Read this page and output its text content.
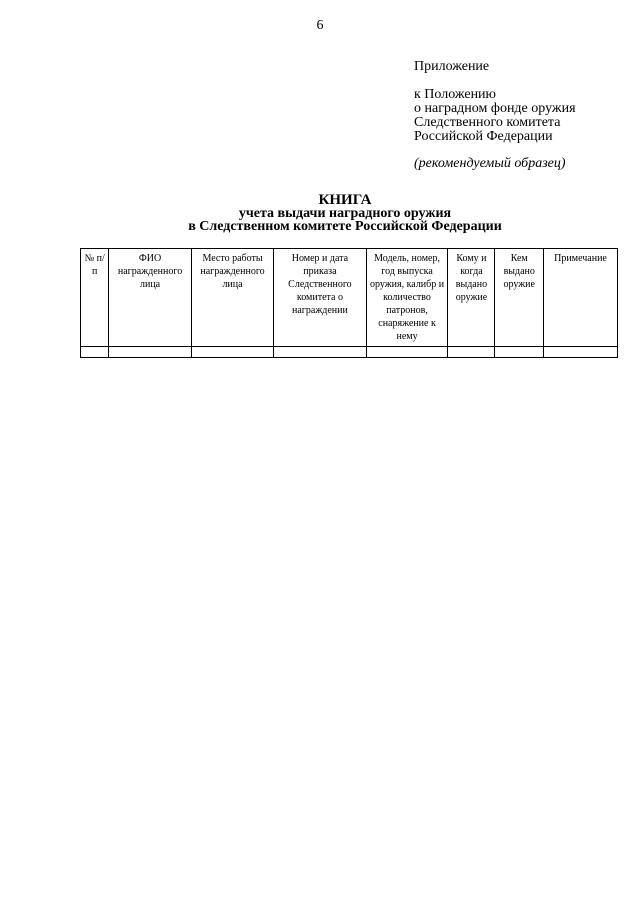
6
Приложение
к Положению
о наградном фонде оружия
Следственного комитета
Российской Федерации
(рекомендуемый образец)
КНИГА
учета выдачи наградного оружия
в Следственном комитете Российской Федерации
№ п/п	ФИО награжденного лица	Место работы награжденного лица	Номер и дата приказа Следственного комитета о награждении	Модель, номер, год выпуска оружия, калибр и количество патронов, снаряжение к нему	Кому и когда выдано оружие	Кем выдано оружие	Примечание
